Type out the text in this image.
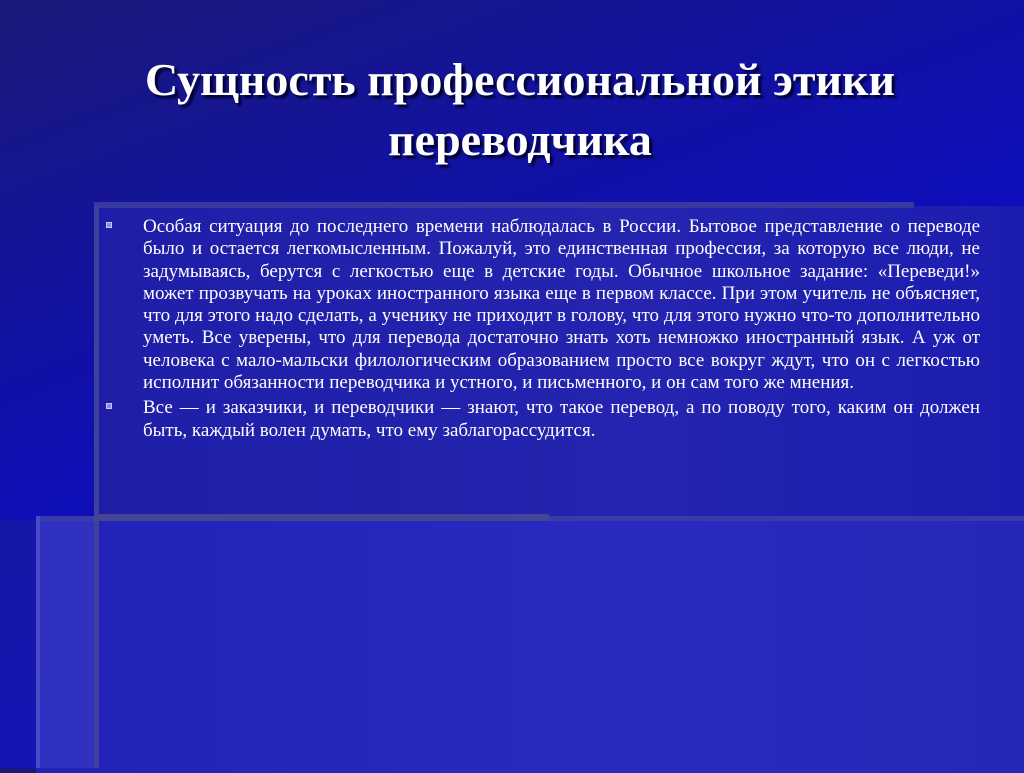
Сущность профессиональной этики переводчика

Особая ситуация до последнего времени наблюдалась в России. Бытовое представление о переводе было и остается легкомысленным. Пожалуй, это единственная профессия, за которую все люди, не задумываясь, берутся с легкостью еще в детские годы. Обычное школьное задание: «Переведи!» может прозвучать на уроках иностранного языка еще в первом классе. При этом учитель не объясняет, что для этого надо сделать, а ученику не приходит в голову, что для этого нужно что-то дополнительно уметь. Все уверены, что для перевода достаточно знать хоть немножко иностранный язык. А уж от человека с мало-мальски филологическим образованием просто все вокруг ждут, что он с легкостью исполнит обязанности переводчика и устного, и письменного, и он сам того же мнения.

Все — и заказчики, и переводчики — знают, что такое перевод, а по поводу того, каким он должен быть, каждый волен думать, что ему заблагорассудится.
